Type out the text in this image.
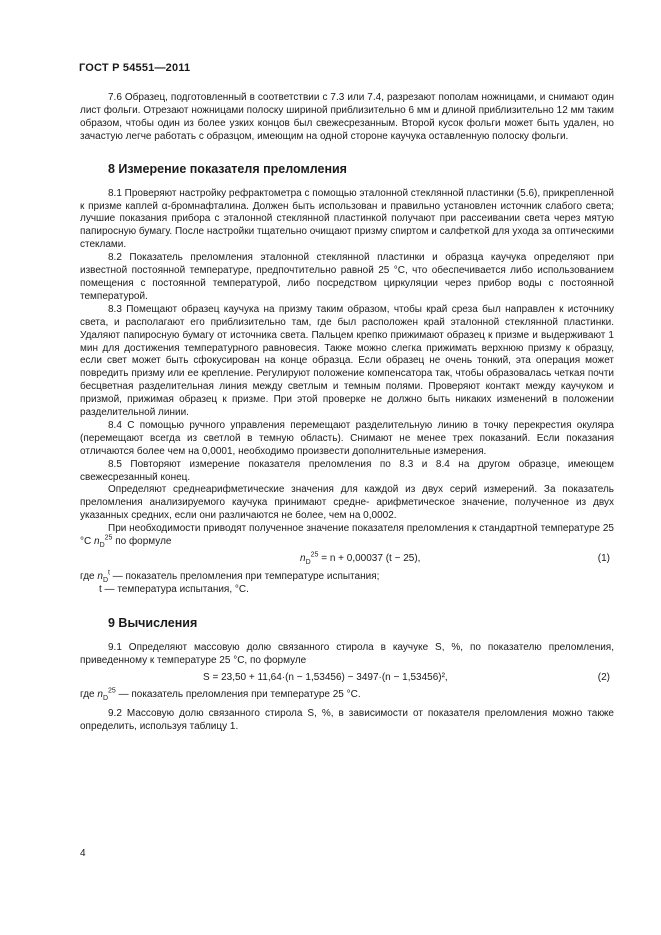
ГОСТ Р 54551—2011

7.6 Образец, подготовленный в соответствии с 7.3 или 7.4, разрезают пополам ножницами, и снимают один лист фольги. Отрезают ножницами полоску шириной приблизительно 6 мм и длиной приблизительно 12 мм таким образом, чтобы один из более узких концов был свежесрезанным. Второй кусок фольги может быть удален, но зачастую легче работать с образцом, имеющим на одной стороне каучука оставленную полоску фольги.

8 Измерение показателя преломления

8.1 Проверяют настройку рефрактометра с помощью эталонной стеклянной пластинки (5.6), прикрепленной к призме каплей α-бромнафталина. Должен быть использован и правильно установлен источник слабого света; лучшие показания прибора с эталонной стеклянной пластинкой получают при рассеивании света через мятую папиросную бумагу. После настройки тщательно очищают призму спиртом и салфеткой для ухода за оптическими стеклами.

8.2 Показатель преломления эталонной стеклянной пластинки и образца каучука определяют при известной постоянной температуре, предпочтительно равной 25 °С, что обеспечивается либо использованием помещения с постоянной температурой, либо посредством циркуляции через прибор воды с постоянной температурой.

8.3 Помещают образец каучука на призму таким образом, чтобы край среза был направлен к источнику света, и располагают его приблизительно там, где был расположен край эталонной стеклянной пластинки. Удаляют папиросную бумагу от источника света. Пальцем крепко прижимают образец к призме и выдерживают 1 мин для достижения температурного равновесия. Также можно слегка прижимать верхнюю призму к образцу, если свет может быть сфокусирован на конце образца. Если образец не очень тонкий, эта операция может повредить призму или ее крепление. Регулируют положение компенсатора так, чтобы образовалась четкая почти бесцветная разделительная линия между светлым и темным полями. Проверяют контакт между каучуком и призмой, прижимая образец к призме. При этой проверке не должно быть никаких изменений в положении разделительной линии.

8.4 С помощью ручного управления перемещают разделительную линию в точку перекрестия окуляра (перемещают всегда из светлой в темную область). Снимают не менее трех показаний. Если показания отличаются более чем на 0,0001, необходимо произвести дополнительные измерения.

8.5 Повторяют измерение показателя преломления по 8.3 и 8.4 на другом образце, имеющем свежесрезанный конец.

Определяют среднеарифметические значения для каждой из двух серий измерений. За показатель преломления анализируемого каучука принимают средне- арифметическое значение, полученное из двух указанных средних, если они различаются не более, чем на 0,0002.

При необходимости приводят полученное значение показателя преломления к стандартной температуре 25 °С $n_D^{25}$ по формуле

$n_D^{25} = n + 0,00037$ (t − 25),	(1)

где $n_D^t$ — показатель преломления при температуре испытания;

t — температура испытания, °С.

9 Вычисления

9.1 Определяют массовую долю связанного стирола в каучуке S, %, по показателю преломления, приведенному к температуре 25 °С, по формуле

S = 23,50 + 11,64·(n − 1,53456) − 3497·(n − 1,53456)²,	(2)

где $n_D^{25}$ — показатель преломления при температуре 25 °С.

9.2 Массовую долю связанного стирола S, %, в зависимости от показателя преломления можно также определить, используя таблицу 1.

4
